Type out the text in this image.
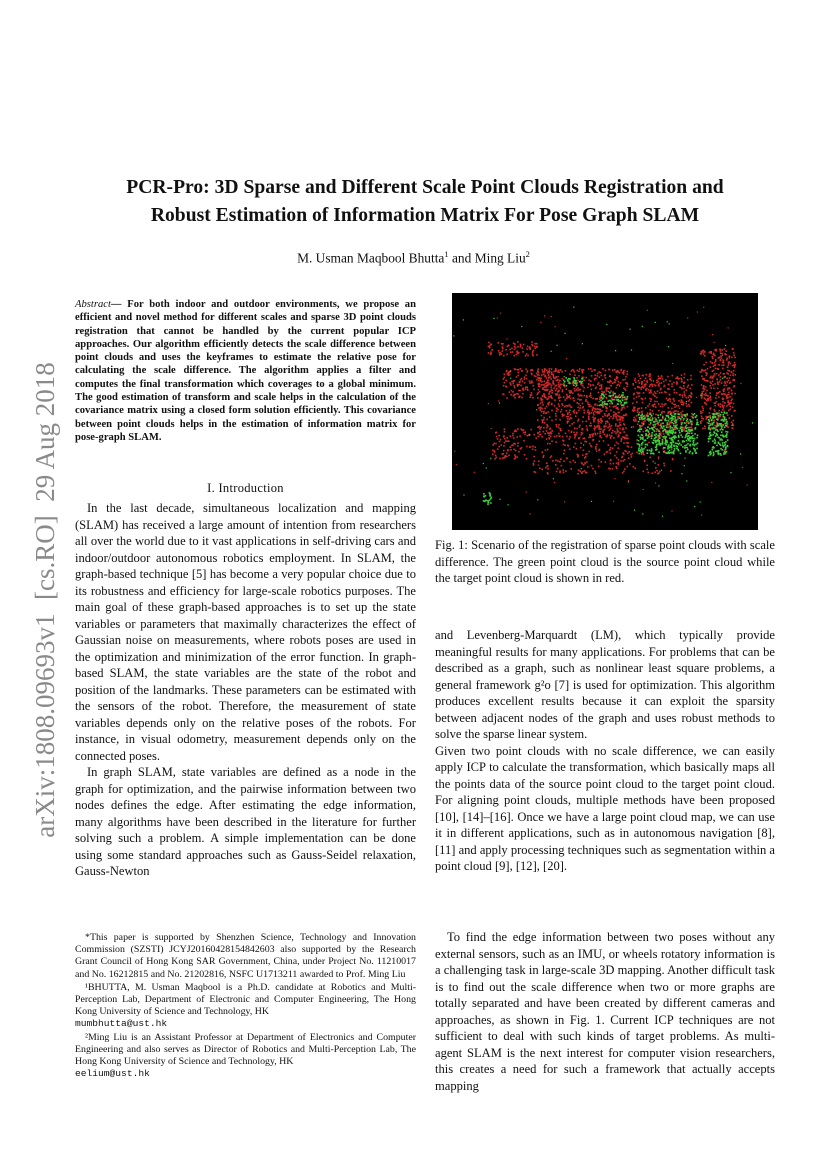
arXiv:1808.09693v1  [cs.RO]  29 Aug 2018
PCR-Pro: 3D Sparse and Different Scale Point Clouds Registration and
Robust Estimation of Information Matrix For Pose Graph SLAM
M. Usman Maqbool Bhutta$^1$ and Ming Liu$^2$
Abstract— For both indoor and outdoor environments, we propose an efficient and novel method for different scales and sparse 3D point clouds registration that cannot be handled by the current popular ICP approaches. Our algorithm efficiently detects the scale difference between point clouds and uses the keyframes to estimate the relative pose for calculating the scale difference. The algorithm applies a filter and computes the final transformation which coverages to a global minimum. The good estimation of transform and scale helps in the calculation of the covariance matrix using a closed form solution efficiently. This covariance between point clouds helps in the estimation of information matrix for pose-graph SLAM.
I. Introduction

In the last decade, simultaneous localization and mapping (SLAM) has received a large amount of intention from researchers all over the world due to it vast applications in self-driving cars and indoor/outdoor autonomous robotics employment. In SLAM, the graph-based technique [5] has become a very popular choice due to its robustness and efficiency for large-scale robotics purposes. The main goal of these graph-based approaches is to set up the state variables or parameters that maximally characterizes the effect of Gaussian noise on measurements, where robots poses are used in the optimization and minimization of the error function. In graph-based SLAM, the state variables are the state of the robot and position of the landmarks. These parameters can be estimated with the sensors of the robot. Therefore, the measurement of state variables depends only on the relative poses of the robots. For instance, in visual odometry, measurement depends only on the connected poses.

In graph SLAM, state variables are defined as a node in the graph for optimization, and the pairwise information between two nodes defines the edge. After estimating the edge information, many algorithms have been described in the literature for further solving such a problem. A simple implementation can be done using some standard approaches such as Gauss-Seidel relaxation, Gauss-Newton

*This paper is supported by Shenzhen Science, Technology and Innovation Commission (SZSTI) JCYJ20160428154842603 also supported by the Research Grant Council of Hong Kong SAR Government, China, under Project No. 11210017 and No. 16212815 and No. 21202816, NSFC U1713211 awarded to Prof. Ming Liu

¹BHUTTA, M. Usman Maqbool is a Ph.D. candidate at Robotics and Multi-Perception Lab, Department of Electronic and Computer Engineering, The Hong Kong University of Science and Technology, HK
mumbhutta@ust.hk

²Ming Liu is an Assistant Professor at Department of Electronics and Computer Engineering and also serves as Director of Robotics and Multi-Perception Lab, The Hong Kong University of Science and Technology, HK
eelium@ust.hk

Fig. 1: Scenario of the registration of sparse point clouds with scale difference. The green point cloud is the source point cloud while the target point cloud is shown in red.

and Levenberg-Marquardt (LM), which typically provide meaningful results for many applications. For problems that can be described as a graph, such as nonlinear least square problems, a general framework g²o [7] is used for optimization. This algorithm produces excellent results because it can exploit the sparsity between adjacent nodes of the graph and uses robust methods to solve the sparse linear system.

Given two point clouds with no scale difference, we can easily apply ICP to calculate the transformation, which basically maps all the points data of the source point cloud to the target point cloud. For aligning point clouds, multiple methods have been proposed [10], [14]–[16]. Once we have a large point cloud map, we can use it in different applications, such as in autonomous navigation [8], [11] and apply processing techniques such as segmentation within a point cloud [9], [12], [20].

To find the edge information between two poses without any external sensors, such as an IMU, or wheels rotatory information is a challenging task in large-scale 3D mapping. Another difficult task is to find out the scale difference when two or more graphs are totally separated and have been created by different cameras and approaches, as shown in Fig. 1. Current ICP techniques are not sufficient to deal with such kinds of target problems. As multi-agent SLAM is the next interest for computer vision researchers, this creates a need for such a framework that actually accepts mapping
